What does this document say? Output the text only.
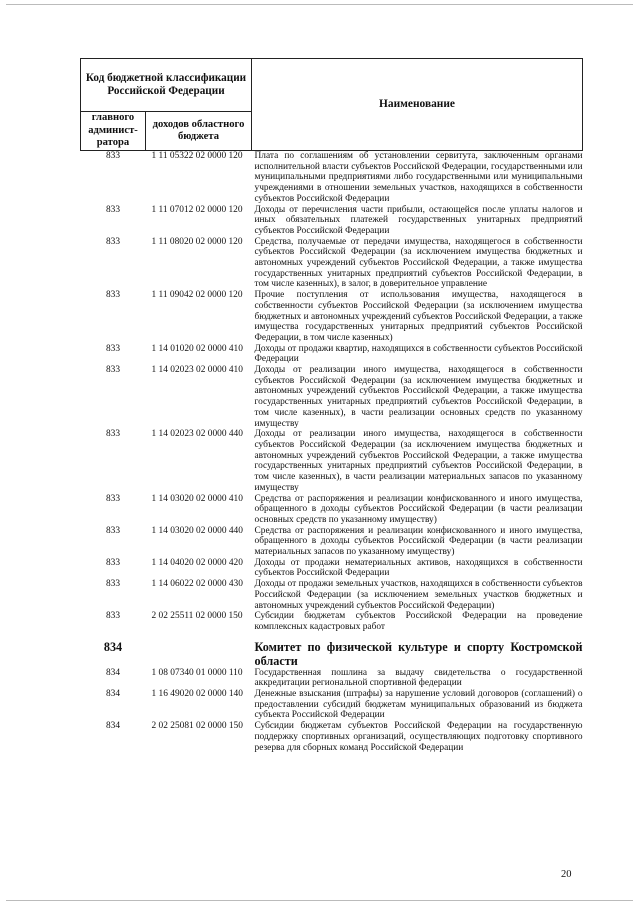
Код бюджетной классификации Российской Федерации		Наименование
главного админист-ратора	доходов областного бюджета	
833	1 11 05322 02 0000 120	Плата по соглашениям об установлении сервитута, заключенным органами исполнительной власти субъектов Российской Федерации, государственными или муниципальными предприятиями либо государственными или муниципальными учреждениями в отношении земельных участков, находящихся в собственности субъектов Российской Федерации

833	1 11 07012 02 0000 120	Доходы от перечисления части прибыли, остающейся после уплаты налогов и иных обязательных платежей государственных унитарных предприятий субъектов Российской Федерации

833	1 11 08020 02 0000 120	Средства, получаемые от передачи имущества, находящегося в собственности субъектов Российской Федерации (за исключением имущества бюджетных и автономных учреждений субъектов Российской Федерации, а также имущества государственных унитарных предприятий субъектов Российской Федерации, в том числе казенных), в залог, в доверительное управление

833	1 11 09042 02 0000 120	Прочие поступления от использования имущества, находящегося в собственности субъектов Российской Федерации (за исключением имущества бюджетных и автономных учреждений субъектов Российской Федерации, а также имущества государственных унитарных предприятий субъектов Российской Федерации, в том числе казенных)

833	1 14 01020 02 0000 410	Доходы от продажи квартир, находящихся в собственности субъектов Российской Федерации

833	1 14 02023 02 0000 410	Доходы от реализации иного имущества, находящегося в собственности субъектов Российской Федерации (за исключением имущества бюджетных и автономных учреждений субъектов Российской Федерации, а также имущества государственных унитарных предприятий субъектов Российской Федерации, в том числе казенных), в части реализации основных средств по указанному имуществу

833	1 14 02023 02 0000 440	Доходы от реализации иного имущества, находящегося в собственности субъектов Российской Федерации (за исключением имущества бюджетных и автономных учреждений субъектов Российской Федерации, а также имущества государственных унитарных предприятий субъектов Российской Федерации, в том числе казенных), в части реализации материальных запасов по указанному имуществу

833	1 14 03020 02 0000 410	Средства от распоряжения и реализации конфискованного и иного имущества, обращенного в доходы субъектов Российской Федерации (в части реализации основных средств по указанному имуществу)

833	1 14 03020 02 0000 440	Средства от распоряжения и реализации конфискованного и иного имущества, обращенного в доходы субъектов Российской Федерации (в части реализации материальных запасов по указанному имуществу)

833	1 14 04020 02 0000 420	Доходы от продажи нематериальных активов, находящихся в собственности субъектов Российской Федерации

833	1 14 06022 02 0000 430	Доходы от продажи земельных участков, находящихся в собственности субъектов Российской Федерации (за исключением земельных участков бюджетных и автономных учреждений субъектов Российской Федерации)

833	2 02 25511 02 0000 150	Субсидии бюджетам субъектов Российской Федерации на проведение комплексных кадастровых работ

834		Комитет по физической культуре и спорту Костромской области
834	1 08 07340 01 0000 110	Государственная пошлина за выдачу свидетельства о государственной аккредитации региональной спортивной федерации

834	1 16 49020 02 0000 140	Денежные взыскания (штрафы) за нарушение условий договоров (соглашений) о предоставлении субсидий бюджетам муниципальных образований из бюджета субъекта Российской Федерации

834	2 02 25081 02 0000 150	Субсидии бюджетам субъектов Российской Федерации на государственную поддержку спортивных организаций, осуществляющих подготовку спортивного резерва для сборных команд Российской Федерации
20
